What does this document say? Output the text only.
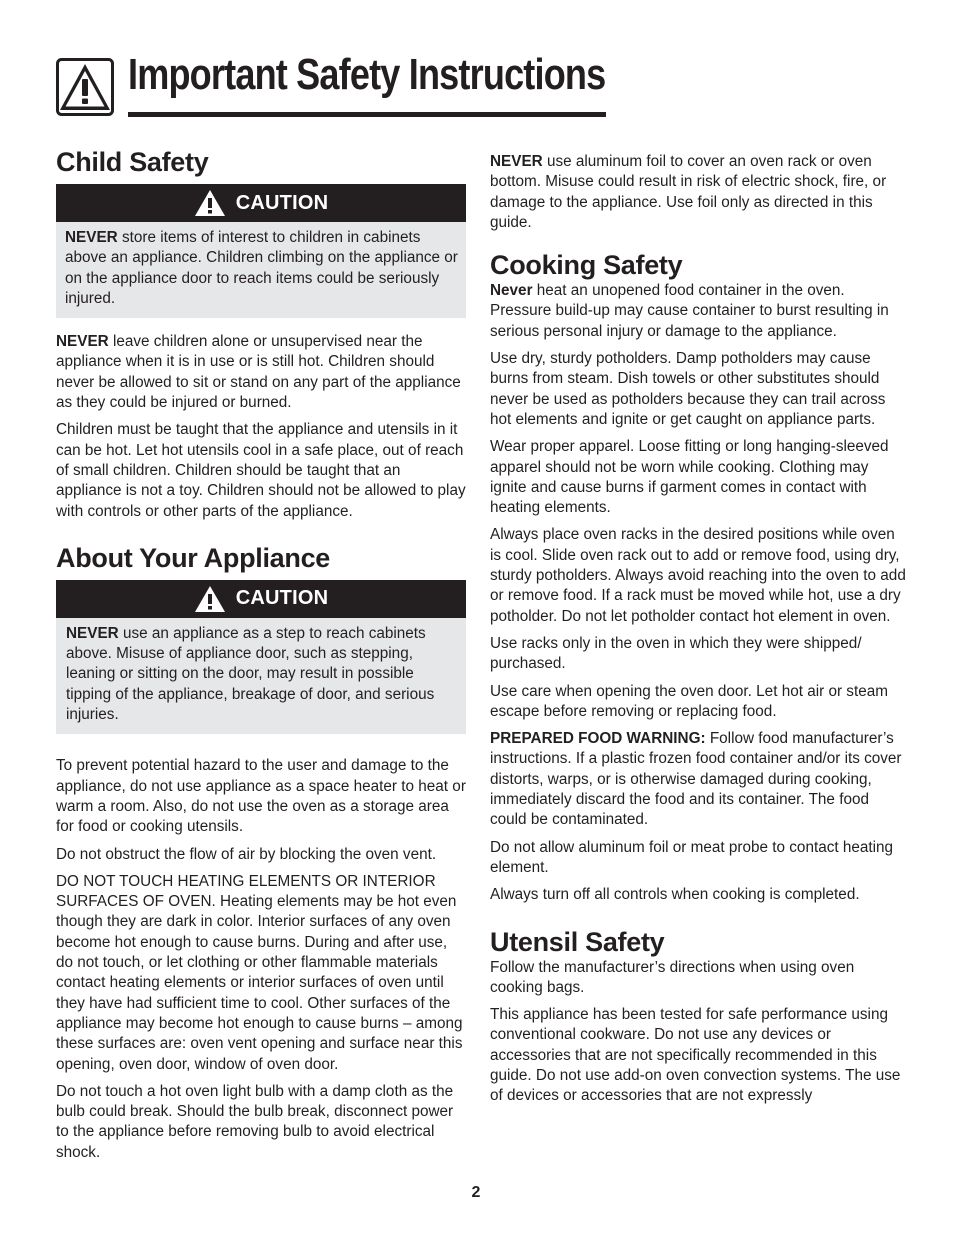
Important Safety Instructions
Child Safety
CAUTION

NEVER store items of interest to children in cabinets above an appliance. Children climbing on the appliance or on the appliance door to reach items could be seriously injured.

NEVER leave children alone or unsupervised near the appliance when it is in use or is still hot. Children should never be allowed to sit or stand on any part of the appliance as they could be injured or burned.

Children must be taught that the appliance and utensils in it can be hot. Let hot utensils cool in a safe place, out of reach of small children. Children should be taught that an appliance is not a toy. Children should not be allowed to play with controls or other parts of the appliance.

About Your Appliance
CAUTION

NEVER use an appliance as a step to reach cabinets above. Misuse of appliance door, such as stepping, leaning or sitting on the door, may result in possible tipping of the appliance, breakage of door, and serious injuries.

To prevent potential hazard to the user and damage to the appliance, do not use appliance as a space heater to heat or warm a room. Also, do not use the oven as a storage area for food or cooking utensils.

Do not obstruct the flow of air by blocking the oven vent.

DO NOT TOUCH HEATING ELEMENTS OR INTERIOR SURFACES OF OVEN. Heating elements may be hot even though they are dark in color. Interior surfaces of any oven become hot enough to cause burns. During and after use, do not touch, or let clothing or other flammable materials contact heating elements or interior surfaces of oven until they have had sufficient time to cool. Other surfaces of the appliance may become hot enough to cause burns – among these surfaces are: oven vent opening and surface near this opening, oven door, window of oven door.

Do not touch a hot oven light bulb with a damp cloth as the bulb could break. Should the bulb break, disconnect power to the appliance before removing bulb to avoid electrical shock.

NEVER use aluminum foil to cover an oven rack or oven bottom. Misuse could result in risk of electric shock, fire, or damage to the appliance. Use foil only as directed in this guide.

Cooking Safety

Never heat an unopened food container in the oven. Pressure build-up may cause container to burst resulting in serious personal injury or damage to the appliance.

Use dry, sturdy potholders. Damp potholders may cause burns from steam. Dish towels or other substitutes should never be used as potholders because they can trail across hot elements and ignite or get caught on appliance parts.

Wear proper apparel. Loose fitting or long hanging-sleeved apparel should not be worn while cooking. Clothing may ignite and cause burns if garment comes in contact with heating elements.

Always place oven racks in the desired positions while oven is cool. Slide oven rack out to add or remove food, using dry, sturdy potholders. Always avoid reaching into the oven to add or remove food. If a rack must be moved while hot, use a dry potholder. Do not let potholder contact hot element in oven.

Use racks only in the oven in which they were shipped/ purchased.

Use care when opening the oven door. Let hot air or steam escape before removing or replacing food.

PREPARED FOOD WARNING: Follow food manufacturer’s instructions. If a plastic frozen food container and/or its cover distorts, warps, or is otherwise damaged during cooking, immediately discard the food and its container. The food could be contaminated.

Do not allow aluminum foil or meat probe to contact heating element.

Always turn off all controls when cooking is completed.

Utensil Safety

Follow the manufacturer’s directions when using oven cooking bags.

This appliance has been tested for safe performance using conventional cookware. Do not use any devices or accessories that are not specifically recommended in this guide. Do not use add-on oven convection systems. The use of devices or accessories that are not expressly

2
